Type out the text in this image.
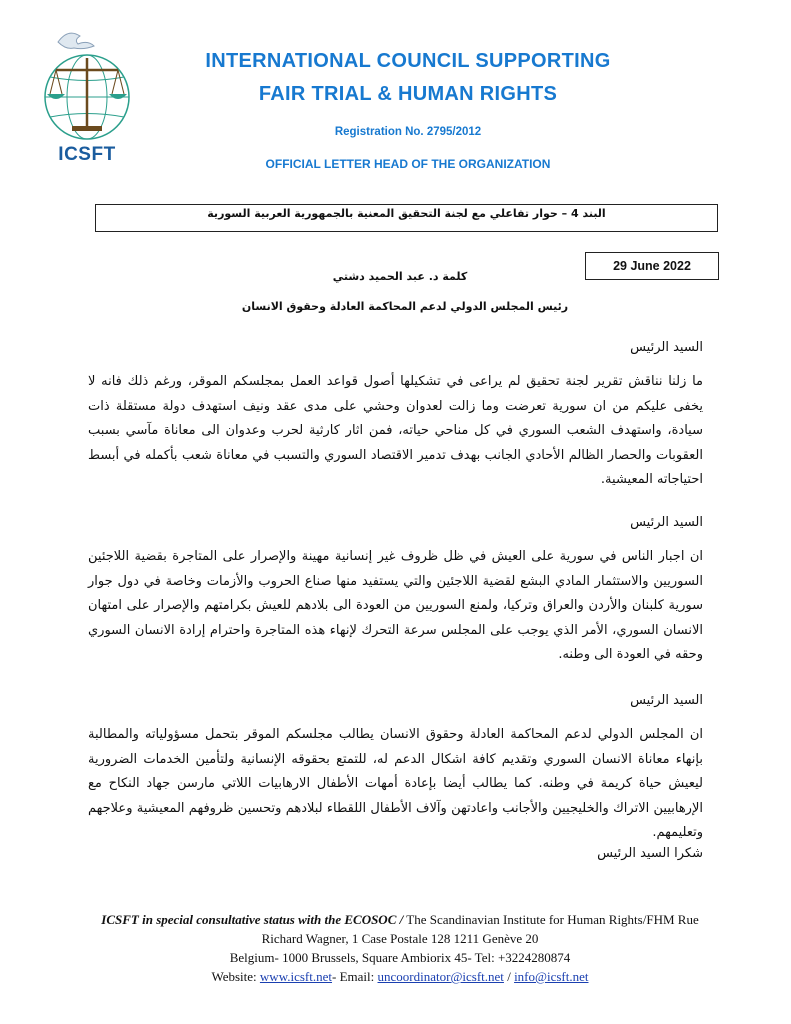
ICSFT
INTERNATIONAL COUNCIL SUPPORTING
FAIR TRIAL & HUMAN RIGHTS
Registration No. 2795/2012
OFFICIAL LETTER HEAD OF THE ORGANIZATION
البند 4 – حوار تفاعلي مع لجنة التحقيق المعنية بالجمهورية العربية السورية
29 June 2022
كلمة د. عبد الحميد دشتي
رئيس المجلس الدولي لدعم المحاكمة العادلة وحقوق الانسان
السيد الرئيس
ما زلنا نناقش تقرير لجنة تحقيق لم يراعى في تشكيلها أصول قواعد العمل بمجلسكم الموقر، ورغم ذلك فانه لا يخفى عليكم من ان سورية تعرضت وما زالت لعدوان وحشي على مدى عقد ونيف استهدف دولة مستقلة ذات سيادة، واستهدف الشعب السوري في كل مناحي حياته، فمن اثار كارثية لحرب وعدوان الى معاناة مآسي بسبب العقوبات والحصار الظالم الأحادي الجانب بهدف تدمير الاقتصاد السوري والتسبب في معاناة شعب بأكمله في أبسط احتياجاته المعيشية.
السيد الرئيس
ان اجبار الناس في سورية على العيش في ظل ظروف غير إنسانية مهينة والإصرار على المتاجرة بقضية اللاجئين السوريين والاستثمار المادي البشع لقضية اللاجئين والتي يستفيد منها صناع الحروب والأزمات وخاصة في دول جوار سورية كلبنان والأردن والعراق وتركيا، ولمنع السوريين من العودة الى بلادهم للعيش بكرامتهم والإصرار على امتهان الانسان السوري، الأمر الذي يوجب على المجلس سرعة التحرك لإنهاء هذه المتاجرة واحترام إرادة الانسان السوري وحقه في العودة الى وطنه.
السيد الرئيس
ان المجلس الدولي لدعم المحاكمة العادلة وحقوق الانسان يطالب مجلسكم الموقر بتحمل مسؤولياته والمطالبة بإنهاء معاناة الانسان السوري وتقديم كافة اشكال الدعم له، للتمتع بحقوقه الإنسانية ولتأمين الخدمات الضرورية ليعيش حياة كريمة في وطنه. كما يطالب أيضا بإعادة أمهات الأطفال الارهابيات اللاتي مارسن جهاد النكاح مع الإرهابيين الاتراك والخليجيين والأجانب واعادتهن وآلاف الأطفال اللقطاء لبلادهم وتحسين ظروفهم المعيشية وعلاجهم وتعليمهم.
شكرا السيد الرئيس
ICSFT in special consultative status with the ECOSOC / The Scandinavian Institute for Human Rights/FHM Rue
Richard Wagner, 1 Case Postale 128 1211 Genève 20
Belgium- 1000 Brussels, Square Ambiorix 45- Tel: +3224280874
Website: www.icsft.net- Email: uncoordinator@icsft.net / info@icsft.net
